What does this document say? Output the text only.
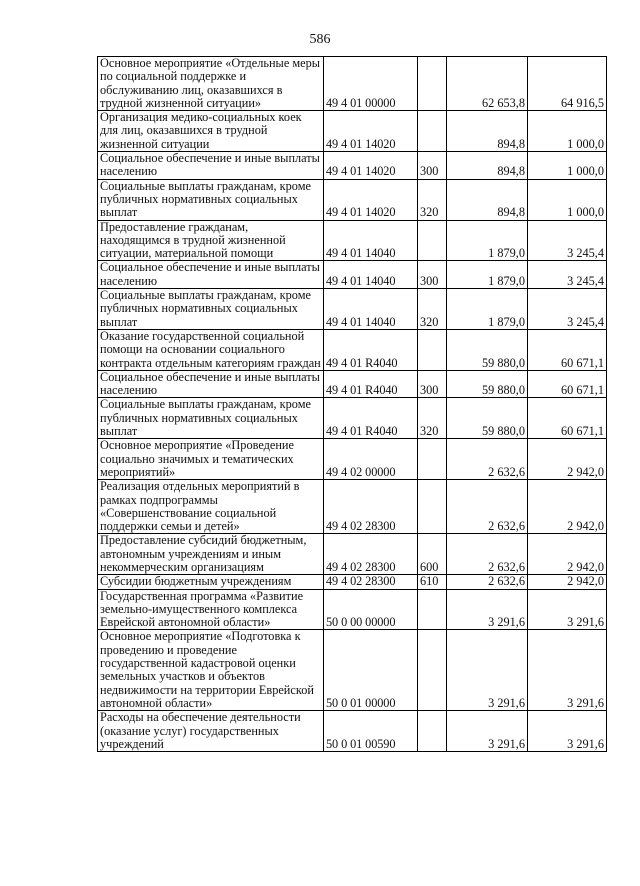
586
Основное мероприятие «Отдельные меры по социальной поддержке и обслуживанию лиц, оказавшихся в трудной жизненной ситуации»	49 4 01 00000		62 653,8	64 916,5
Организация медико-социальных коек для лиц, оказавшихся в трудной жизненной ситуации	49 4 01 14020		894,8	1 000,0
Социальное обеспечение и иные выплаты населению	49 4 01 14020	300	894,8	1 000,0
Социальные выплаты гражданам, кроме публичных нормативных социальных выплат	49 4 01 14020	320	894,8	1 000,0
Предоставление гражданам, находящимся в трудной жизненной ситуации, материальной помощи	49 4 01 14040		1 879,0	3 245,4
Социальное обеспечение и иные выплаты населению	49 4 01 14040	300	1 879,0	3 245,4
Социальные выплаты гражданам, кроме публичных нормативных социальных выплат	49 4 01 14040	320	1 879,0	3 245,4
Оказание государственной социальной помощи на основании социального контракта отдельным категориям граждан	49 4 01 R4040		59 880,0	60 671,1
Социальное обеспечение и иные выплаты населению	49 4 01 R4040	300	59 880,0	60 671,1
Социальные выплаты гражданам, кроме публичных нормативных социальных выплат	49 4 01 R4040	320	59 880,0	60 671,1
Основное мероприятие «Проведение социально значимых и тематических мероприятий»	49 4 02 00000		2 632,6	2 942,0
Реализация отдельных мероприятий в рамках подпрограммы «Совершенствование социальной поддержки семьи и детей»	49 4 02 28300		2 632,6	2 942,0
Предоставление субсидий бюджетным, автономным учреждениям и иным некоммерческим организациям	49 4 02 28300	600	2 632,6	2 942,0
Субсидии бюджетным учреждениям	49 4 02 28300	610	2 632,6	2 942,0
Государственная программа «Развитие земельно-имущественного комплекса Еврейской автономной области»	50 0 00 00000		3 291,6	3 291,6
Основное мероприятие «Подготовка к проведению и проведение государственной кадастровой оценки земельных участков и объектов недвижимости на территории Еврейской автономной области»	50 0 01 00000		3 291,6	3 291,6
Расходы на обеспечение деятельности (оказание услуг) государственных учреждений	50 0 01 00590		3 291,6	3 291,6
